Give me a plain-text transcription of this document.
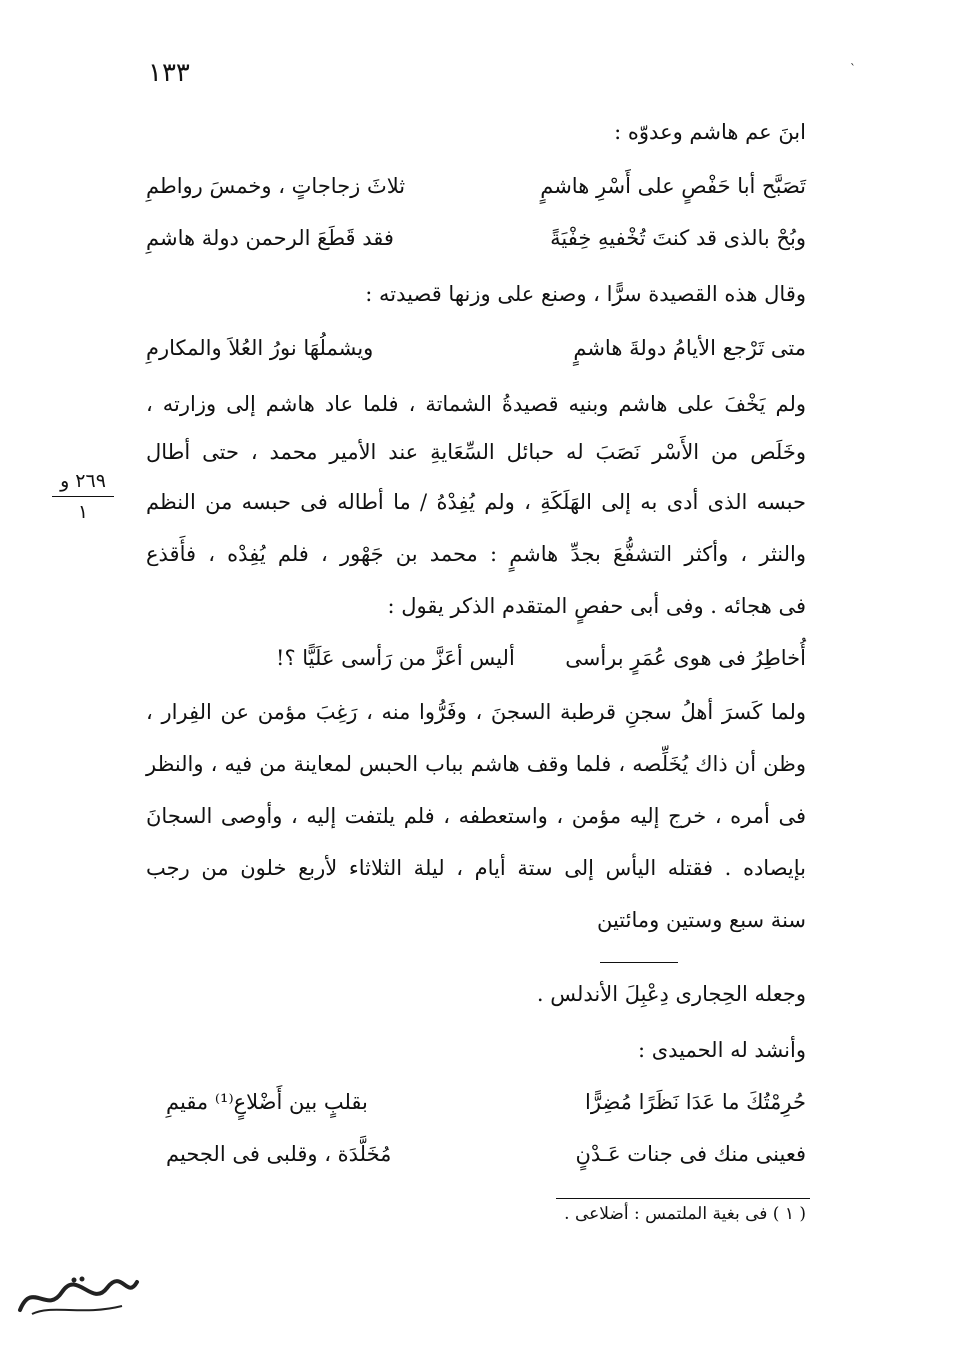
١٣٣	`
ابنَ عم هاشم وعدوّه :
تَصَبَّح أبا حَفْصٍ على أَسْرِ هاشمٍ
ثلاثَ زجاجاتٍ ، وخمسَ رواطمِ
وبُحْ بالذى قد كنتَ تُخْفيهِ خِفْيَةً
فقد قَطَعَ الرحمن دولة هاشمِ
وقال هذه القصيدة سرًّا ، وصنع على وزنها قصيدته :
متى تَرْجع الأيامُ دولةَ هاشمٍ
ويشملُهَا نورُ العُلاَ والمكارمِ
ولم يَخْفَ على هاشم وبنيه قصيدةُ الشماتة ، فلما عاد هاشم إلى وزارته ،
وخَلَص من الأَسْر نَصَبَ له حبائل السِّعَايةِ عند الأمير محمد ، حتى أطال
حبسه الذى أدى به إلى الهَلَكَةِ ، ولم يُفِدْهُ / ما أطاله فى حبسه من النظم
والنثر ، وأكثر التشفُّعَ بجدِّ هاشمٍ : محمد بن جَهْور ، فلم يُفِدْه ، فأَقذع
فى هجائه . وفى أبى حفصٍ المتقدم الذكر يقول :
٢٦٩ و
١
أُخاطِرُ فى هوى عُمَرٍ برأسى
أليس أعَزَّ من رَأسى عَلَيًّا ؟!
ولما كَسرَ أهلُ سجنِ قرطبة السجنَ ، وفَرُّوا منه ، رَغِبَ مؤمن عن الفِرار ،
وظن أن ذاك يُخَلِّصه ، فلما وقف هاشم بباب الحبس لمعاينة من فيه ، والنظر
فى أمره ، خرج إليه مؤمن ، واستعطفه ، فلم يلتفت إليه ، وأوصى السجانَ
بإيصاده . فقتله اليأس إلى ستة أيام ، ليلة الثلاثاء لأربع خلون من رجب
سنة سبع وستين ومائتين
وجعله الحِجارى دِعْبِلَ الأندلس .
وأنشد له الحميدى :
حُرِمْتُكَ ما عَدَا نَظَرًا مُضِرًّا
بقلبٍ بين أَضْلاعٍ⁽¹⁾ مقيمِ
فعينى منك فى جنات عَـدْنٍ
مُخَلَّدَة ، وقلبى فى الجحيم
( ١ ) فى بغية الملتمس : أضلاعى .
